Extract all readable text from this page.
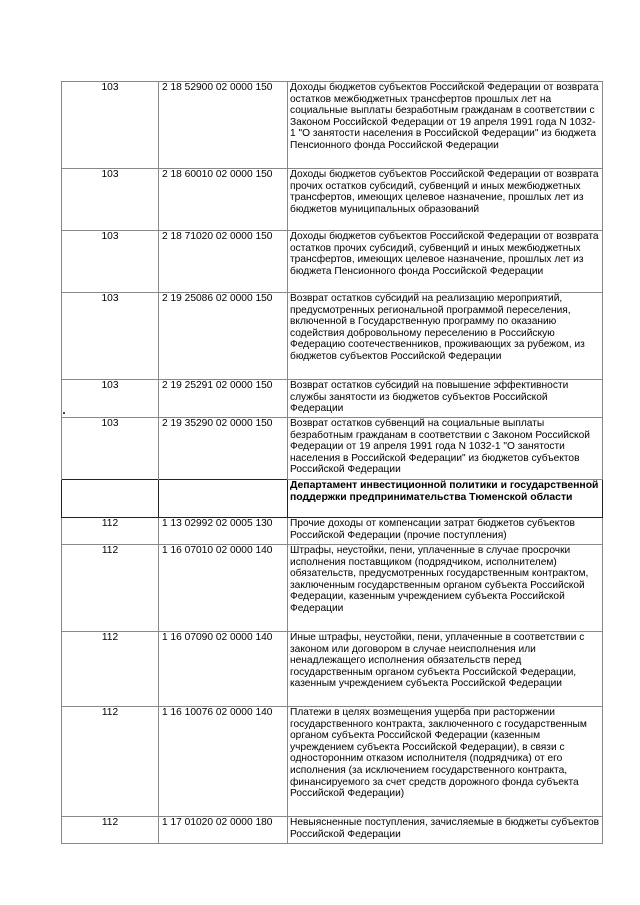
103	2 18 52900 02 0000 150	Доходы бюджетов субъектов Российской Федерации от возврата остатков межбюджетных трансфертов прошлых лет на социальные выплаты безработным гражданам в соответствии с Законом Российской Федерации от 19 апреля 1991 года N 1032-1 "О занятости населения в Российской Федерации" из бюджета Пенсионного фонда Российской Федерации
103	2 18 60010 02 0000 150	Доходы бюджетов субъектов Российской Федерации от возврата прочих остатков субсидий, субвенций и иных межбюджетных трансфертов, имеющих целевое назначение, прошлых лет из бюджетов муниципальных образований
103	2 18 71020 02 0000 150	Доходы бюджетов субъектов Российской Федерации от возврата остатков прочих субсидий, субвенций и иных межбюджетных трансфертов, имеющих целевое назначение, прошлых лет из бюджета Пенсионного фонда Российской Федерации
103	2 19 25086 02 0000 150	Возврат остатков субсидий на реализацию мероприятий, предусмотренных региональной программой переселения, включенной в Государственную программу по оказанию содействия добровольному переселению в Российскую Федерацию соотечественников, проживающих за рубежом, из бюджетов субъектов Российской Федерации
103	2 19 25291 02 0000 150	Возврат остатков субсидий на повышение эффективности службы занятости из бюджетов субъектов Российской Федерации
103	2 19 35290 02 0000 150	Возврат остатков субвенций на социальные выплаты безработным гражданам в соответствии с Законом Российской Федерации от 19 апреля 1991 года N 1032-1 "О занятости населения в Российской Федерации" из бюджетов субъектов Российской Федерации
		Департамент инвестиционной политики и государственной поддержки предпринимательства Тюменской области
112	1 13 02992 02 0005 130	Прочие доходы от компенсации затрат бюджетов субъектов Российской Федерации (прочие поступления)
112	1 16 07010 02 0000 140	Штрафы, неустойки, пени, уплаченные в случае просрочки исполнения поставщиком (подрядчиком, исполнителем) обязательств, предусмотренных государственным контрактом, заключенным государственным органом субъекта Российской Федерации, казенным учреждением субъекта Российской Федерации
112	1 16 07090 02 0000 140	Иные штрафы, неустойки, пени, уплаченные в соответствии с законом или договором в случае неисполнения или ненадлежащего исполнения обязательств перед государственным органом субъекта Российской Федерации, казенным учреждением субъекта Российской Федерации
112	1 16 10076 02 0000 140	Платежи в целях возмещения ущерба при расторжении государственного контракта, заключенного с государственным органом субъекта Российской Федерации (казенным учреждением субъекта Российской Федерации), в связи с односторонним отказом исполнителя (подрядчика) от его исполнения (за исключением государственного контракта, финансируемого за счет средств дорожного фонда субъекта Российской Федерации)
112	1 17 01020 02 0000 180	Невыясненные поступления, зачисляемые в бюджеты субъектов Российской Федерации
